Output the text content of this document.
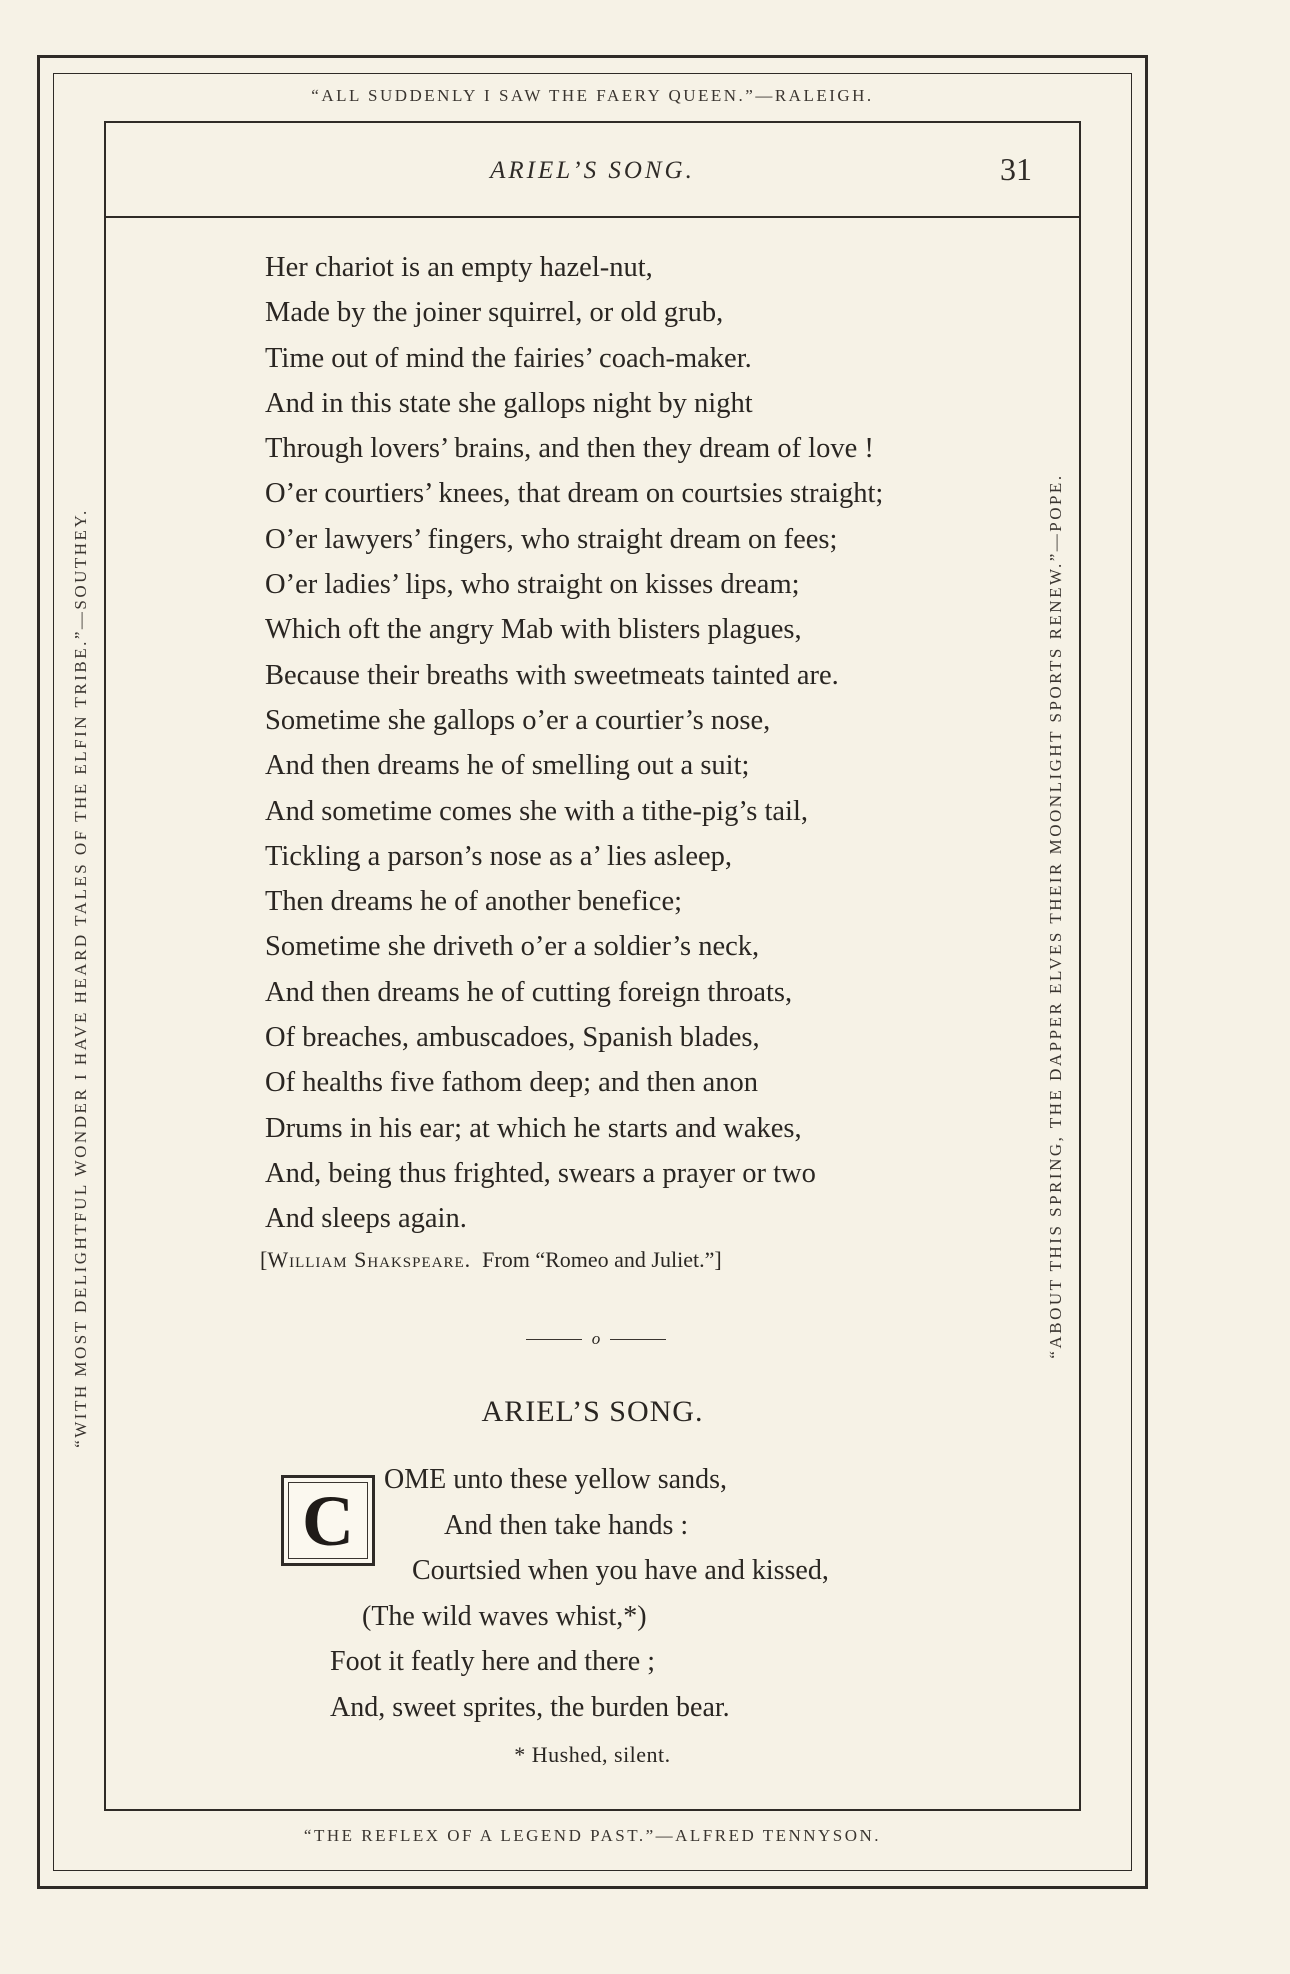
“ALL SUDDENLY I SAW THE FAERY QUEEN.”—RALEIGH.
“THE REFLEX OF A LEGEND PAST.”—ALFRED TENNYSON.
“WITH MOST DELIGHTFUL WONDER I HAVE HEARD TALES OF THE ELFIN TRIBE.”—SOUTHEY.	“ABOUT THIS SPRING, THE DAPPER ELVES THEIR MOONLIGHT SPORTS RENEW.”—POPE.
ARIEL’S SONG.	31
Her chariot is an empty hazel-nut,
Made by the joiner squirrel, or old grub,
Time out of mind the fairies’ coach-maker.
And in this state she gallops night by night
Through lovers’ brains, and then they dream of love !
O’er courtiers’ knees, that dream on courtsies straight;
O’er lawyers’ fingers, who straight dream on fees;
O’er ladies’ lips, who straight on kisses dream;
Which oft the angry Mab with blisters plagues,
Because their breaths with sweetmeats tainted are.
Sometime she gallops o’er a courtier’s nose,
And then dreams he of smelling out a suit;
And sometime comes she with a tithe-pig’s tail,
Tickling a parson’s nose as a’ lies asleep,
Then dreams he of another benefice;
Sometime she driveth o’er a soldier’s neck,
And then dreams he of cutting foreign throats,
Of breaches, ambuscadoes, Spanish blades,
Of healths five fathom deep; and then anon
Drums in his ear; at which he starts and wakes,
And, being thus frighted, swears a prayer or two
And sleeps again.
[William Shakspeare. From “Romeo and Juliet.”]
o
ARIEL’S SONG.
C
OME unto these yellow sands,
And then take hands :
Courtsied when you have and kissed,
(The wild waves whist,*)
Foot it featly here and there ;
And, sweet sprites, the burden bear.
* Hushed, silent.
